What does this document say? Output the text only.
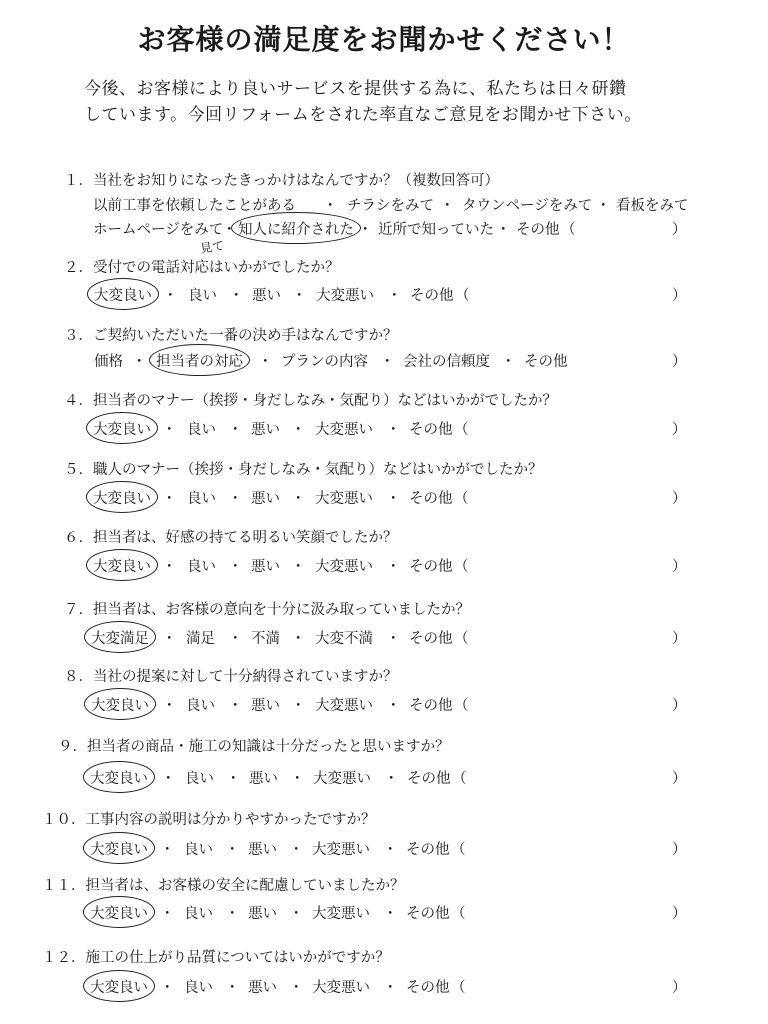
お客様の満足度をお聞かせください！
今後、お客様により良いサービスを提供する為に、私たちは日々研鑽
しています。今回リフォームをされた率直なご意見をお聞かせ下さい。
１．当社をお知りになったきっかけはなんですか？（複数回答可）
以前工事を依頼したことがある ・ チラシをみて ・ タウンページをみて ・ 看板をみて
ホームページをみて
・ 知人に紹介された ・ 近所で知っていた ・ その他 （	）
見て
２．受付での電話対応はいかがでしたか？
大変良い ・ 良い ・ 悪い ・ 大変悪い ・ その他 （	）
３．ご契約いただいた一番の決め手はなんですか？
価格 ・ 担当者の対応 ・ プランの内容 ・ 会社の信頼度 ・ その他	）
４．担当者のマナー（挨拶・身だしなみ・気配り）などはいかがでしたか？
大変良い ・ 良い ・ 悪い ・ 大変悪い ・ その他 （	）
５．職人のマナー（挨拶・身だしなみ・気配り）などはいかがでしたか？
大変良い ・ 良い ・ 悪い ・ 大変悪い ・ その他 （	）
６．担当者は、好感の持てる明るい笑顔でしたか？
大変良い ・ 良い ・ 悪い ・ 大変悪い ・ その他 （	）
７．担当者は、お客様の意向を十分に汲み取っていましたか？
大変満足 ・ 満足 ・ 不満 ・ 大変不満 ・ その他 （	）
８．当社の提案に対して十分納得されていますか？
大変良い ・ 良い ・ 悪い ・ 大変悪い ・ その他 （	）
９．担当者の商品・施工の知識は十分だったと思いますか？
大変良い ・ 良い ・ 悪い ・ 大変悪い ・ その他 （	）
１０．工事内容の説明は分かりやすかったですか？
大変良い ・ 良い ・ 悪い ・ 大変悪い ・ その他 （	）
１１．担当者は、お客様の安全に配慮していましたか？
大変良い ・ 良い ・ 悪い ・ 大変悪い ・ その他 （	）
１２．施工の仕上がり品質についてはいかがですか？
大変良い ・ 良い ・ 悪い ・ 大変悪い ・ その他 （	）
